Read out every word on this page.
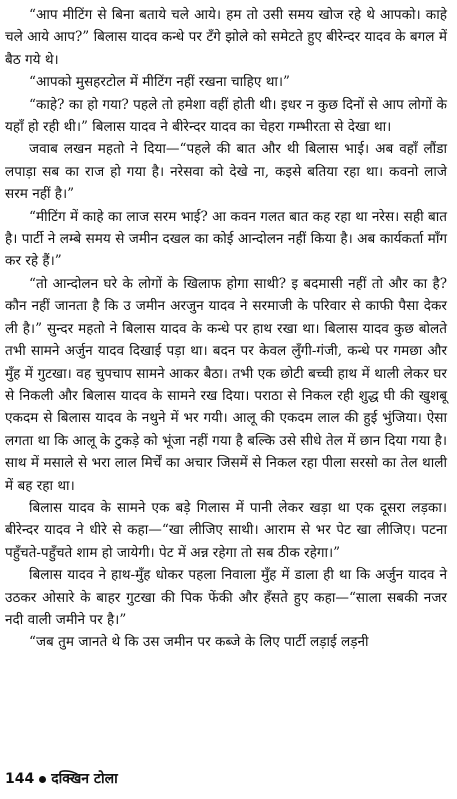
“आप मीटिंग से बिना बताये चले आये। हम तो उसी समय खोज रहे थे आपको। काहे चले आये आप?” बिलास यादव कन्धे पर टँगे झोले को समेटते हुए बीरेन्दर यादव के बगल में बैठ गये थे।

“आपको मुसहरटोल में मीटिंग नहीं रखना चाहिए था।”

“काहे? का हो गया? पहले तो हमेशा वहीं होती थी। इधर न कुछ दिनों से आप लोगों के यहाँ हो रही थी।” बिलास यादव ने बीरेन्दर यादव का चेहरा गम्भीरता से देखा था।

जवाब लखन महतो ने दिया—“पहले की बात और थी बिलास भाई। अब वहाँ लौंडा लपाड़ा सब का राज हो गया है। नरेसवा को देखे ना, कइसे बतिया रहा था। कवनो लाजे सरम नहीं है।”

“मीटिंग में काहे का लाज सरम भाई? आ कवन गलत बात कह रहा था नरेस। सही बात है। पार्टी ने लम्बे समय से जमीन दखल का कोई आन्दोलन नहीं किया है। अब कार्यकर्ता माँग कर रहे हैं।”

“तो आन्दोलन घरे के लोगों के खिलाफ होगा साथी? इ बदमासी नहीं तो और का है? कौन नहीं जानता है कि उ जमीन अरजुन यादव ने सरमाजी के परिवार से काफी पैसा देकर ली है।” सुन्दर महतो ने बिलास यादव के कन्धे पर हाथ रखा था। बिलास यादव कुछ बोलते तभी सामने अर्जुन यादव दिखाई पड़ा था। बदन पर केवल लुँगी-गंजी, कन्धे पर गमछा और मुँह में गुटखा। वह चुपचाप सामने आकर बैठा। तभी एक छोटी बच्ची हाथ में थाली लेकर घर से निकली और बिलास यादव के सामने रख दिया। पराठा से निकल रही शुद्ध घी की खुशबू एकदम से बिलास यादव के नथुने में भर गयी। आलू की एकदम लाल की हुई भुंजिया। ऐसा लगता था कि आलू के टुकड़े को भूंजा नहीं गया है बल्कि उसे सीधे तेल में छान दिया गया है। साथ में मसाले से भरा लाल मिर्चें का अचार जिसमें से निकल रहा पीला सरसो का तेल थाली में बह रहा था।

बिलास यादव के सामने एक बड़े गिलास में पानी लेकर खड़ा था एक दूसरा लड़का। बीरेन्दर यादव ने धीरे से कहा—“खा लीजिए साथी। आराम से भर पेट खा लीजिए। पटना पहुँचते-पहुँचते शाम हो जायेगी। पेट में अन्न रहेगा तो सब ठीक रहेगा।”

बिलास यादव ने हाथ-मुँह धोकर पहला निवाला मुँह में डाला ही था कि अर्जुन यादव ने उठकर ओसारे के बाहर गुटखा की पिक फेंकी और हँसते हुए कहा—“साला सबकी नजर नदी वाली जमीने पर है।”

“जब तुम जानते थे कि उस जमीन पर कब्जे के लिए पार्टी लड़ाई लड़नी

144 दक्खिन टोला
